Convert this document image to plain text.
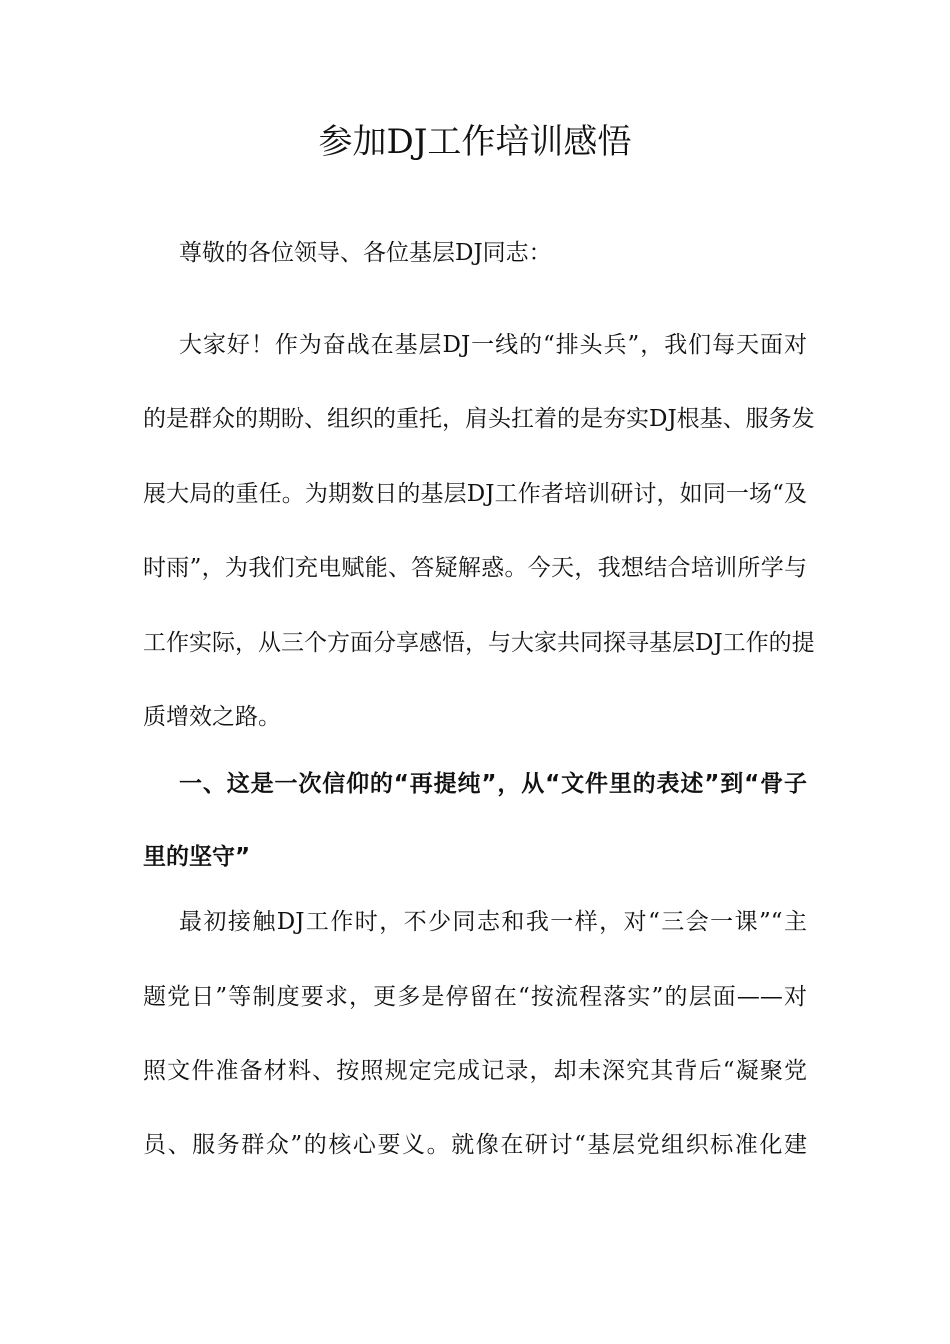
参加DJ工作培训感悟
尊敬的各位领导、各位基层DJ同志：
大家好！作为奋战在基层DJ一线的“排头兵”，我们每天面对
的是群众的期盼、组织的重托，肩头扛着的是夯实DJ根基、服务发
展大局的重任。为期数日的基层DJ工作者培训研讨，如同一场“及
时雨”，为我们充电赋能、答疑解惑。今天，我想结合培训所学与
工作实际，从三个方面分享感悟，与大家共同探寻基层DJ工作的提
质增效之路。
一、这是一次信仰的“再提纯”，从“文件里的表述”到“骨子
里的坚守”
最初接触DJ工作时，不少同志和我一样，对“三会一课”“主
题党日”等制度要求，更多是停留在“按流程落实”的层面——对
照文件准备材料、按照规定完成记录，却未深究其背后“凝聚党
员、服务群众”的核心要义。就像在研讨“基层党组织标准化建
